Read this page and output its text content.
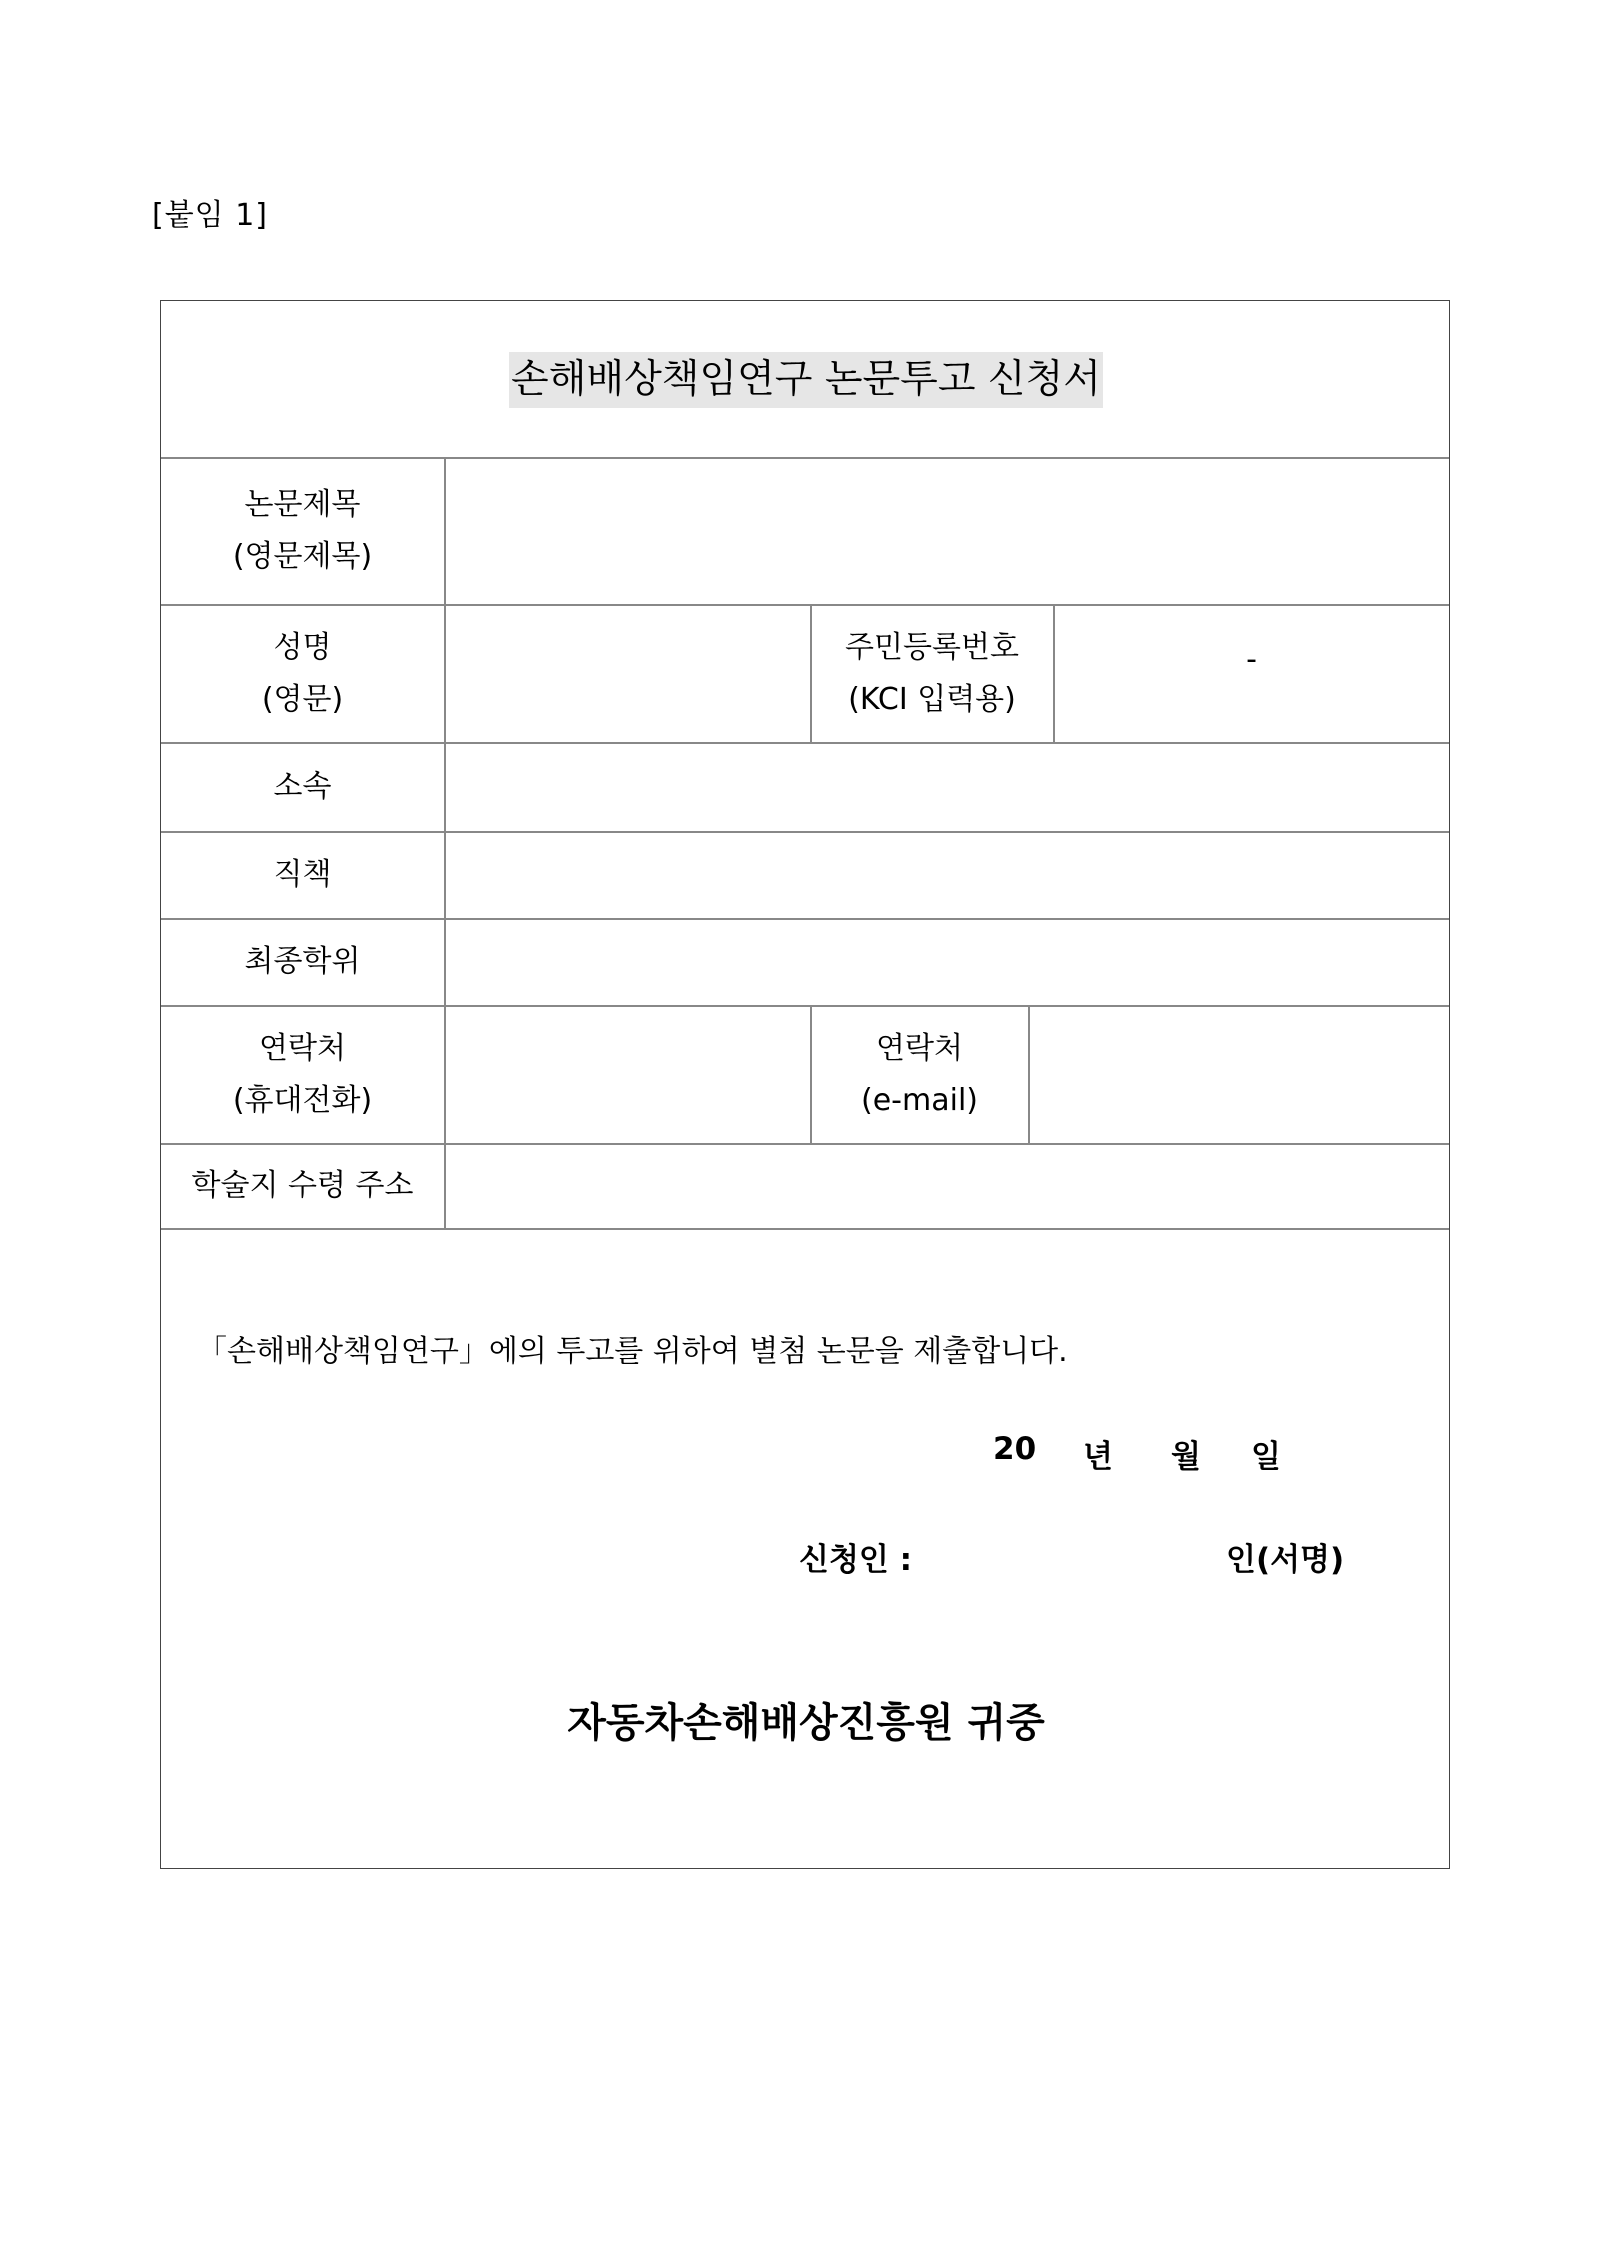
[붙임 1]
손해배상책임연구 논문투고 신청서
논문제목
(영문제목)
성명
(영문)
주민등록번호
(KCI 입력용)
-
소속
직책
최종학위
연락처
(휴대전화)
연락처
(e-mail)
학술지 수령 주소
「손해배상책임연구」에의 투고를 위하여 별첨 논문을 제출합니다.
20 년 월 일
신청인 :	인(서명)
자동차손해배상진흥원 귀중
